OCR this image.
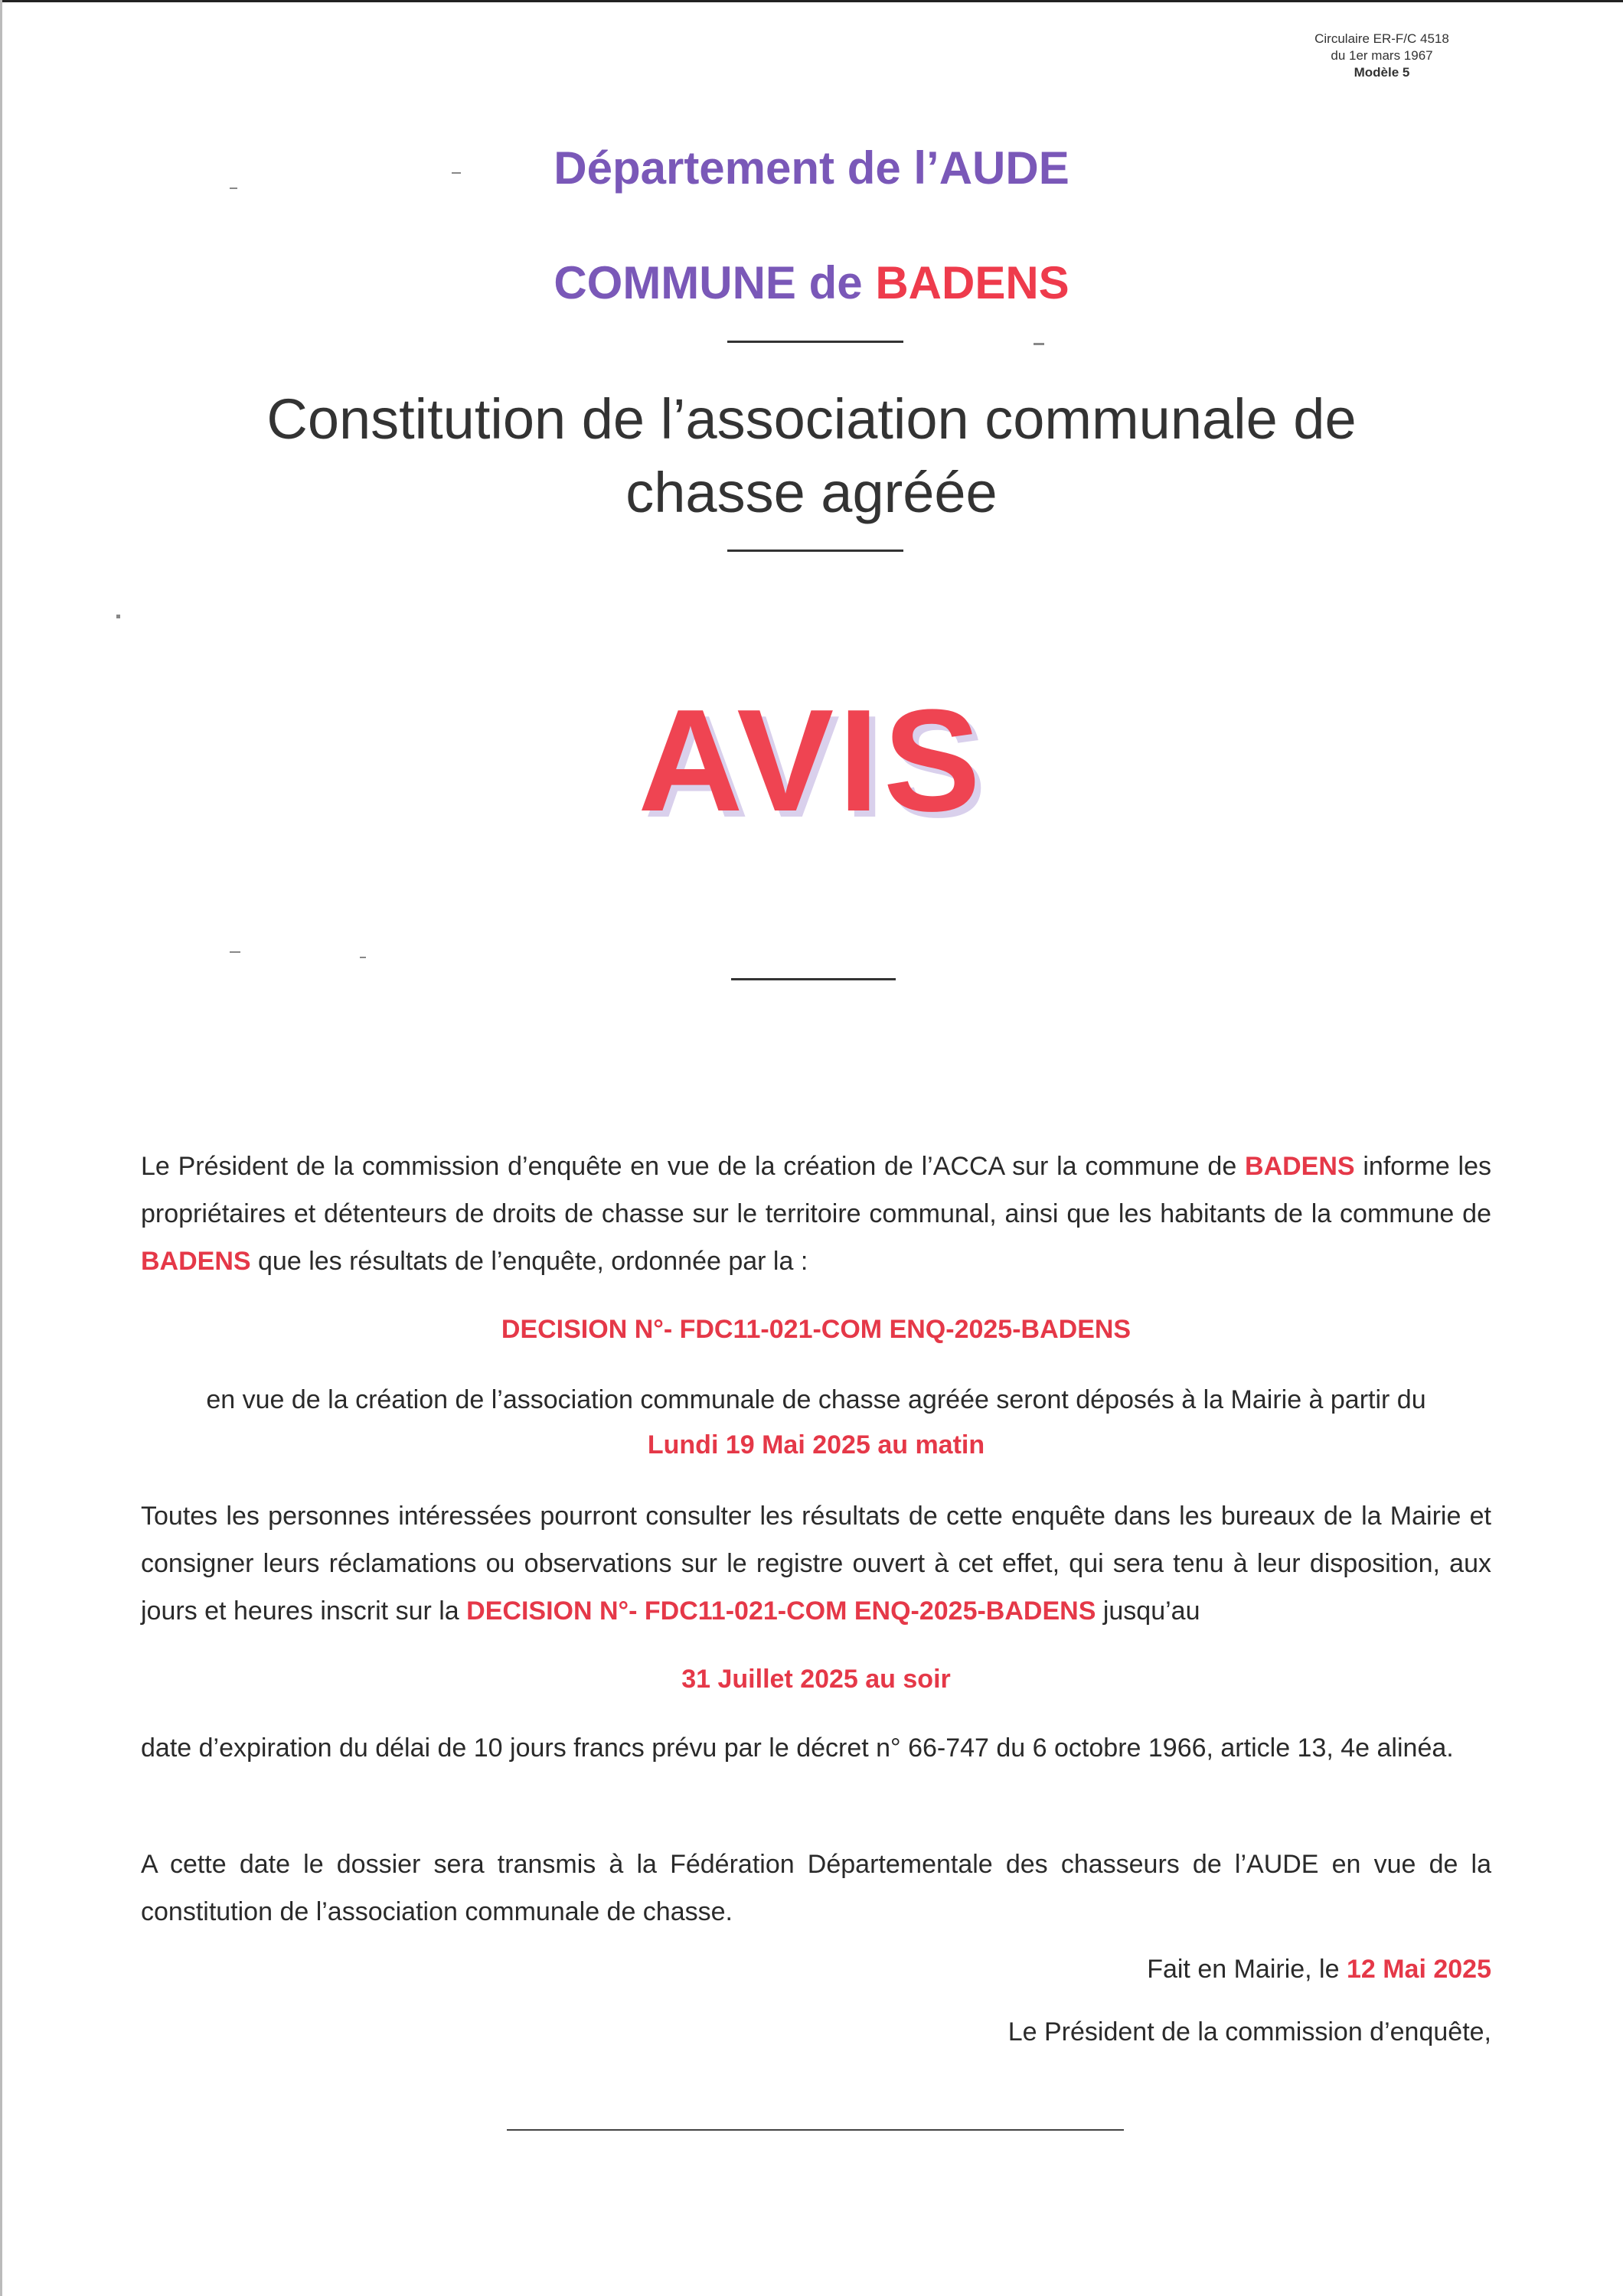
Circulaire ER-F/C 4518
du 1er mars 1967
Modèle 5
Département de l’AUDE
COMMUNE de BADENS
Constitution de l’association communale de
chasse agréée
AVIS
Le Président de la commission d’enquête en vue de la création de l’ACCA sur la commune de BADENS informe les propriétaires et détenteurs de droits de chasse sur le territoire communal, ainsi que les habitants de la commune de BADENS que les résultats de l’enquête, ordonnée par la :
DECISION N°- FDC11-021-COM ENQ-2025-BADENS
en vue de la création de l’association communale de chasse agréée seront déposés à la Mairie à partir du
Lundi 19 Mai 2025 au matin
Toutes les personnes intéressées pourront consulter les résultats de cette enquête dans les bureaux de la Mairie et consigner leurs réclamations ou observations sur le registre ouvert à cet effet, qui sera tenu à leur disposition, aux jours et heures inscrit sur la DECISION N°- FDC11-021-COM ENQ-2025-BADENS jusqu’au
31 Juillet 2025 au soir
date d’expiration du délai de 10 jours francs prévu par le décret n° 66-747 du 6 octobre 1966, article 13, 4e alinéa.
A cette date le dossier sera transmis à la Fédération Départementale des chasseurs de l’AUDE en vue de la constitution de l’association communale de chasse.
Fait en Mairie, le 12 Mai 2025
Le Président de la commission d’enquête,
